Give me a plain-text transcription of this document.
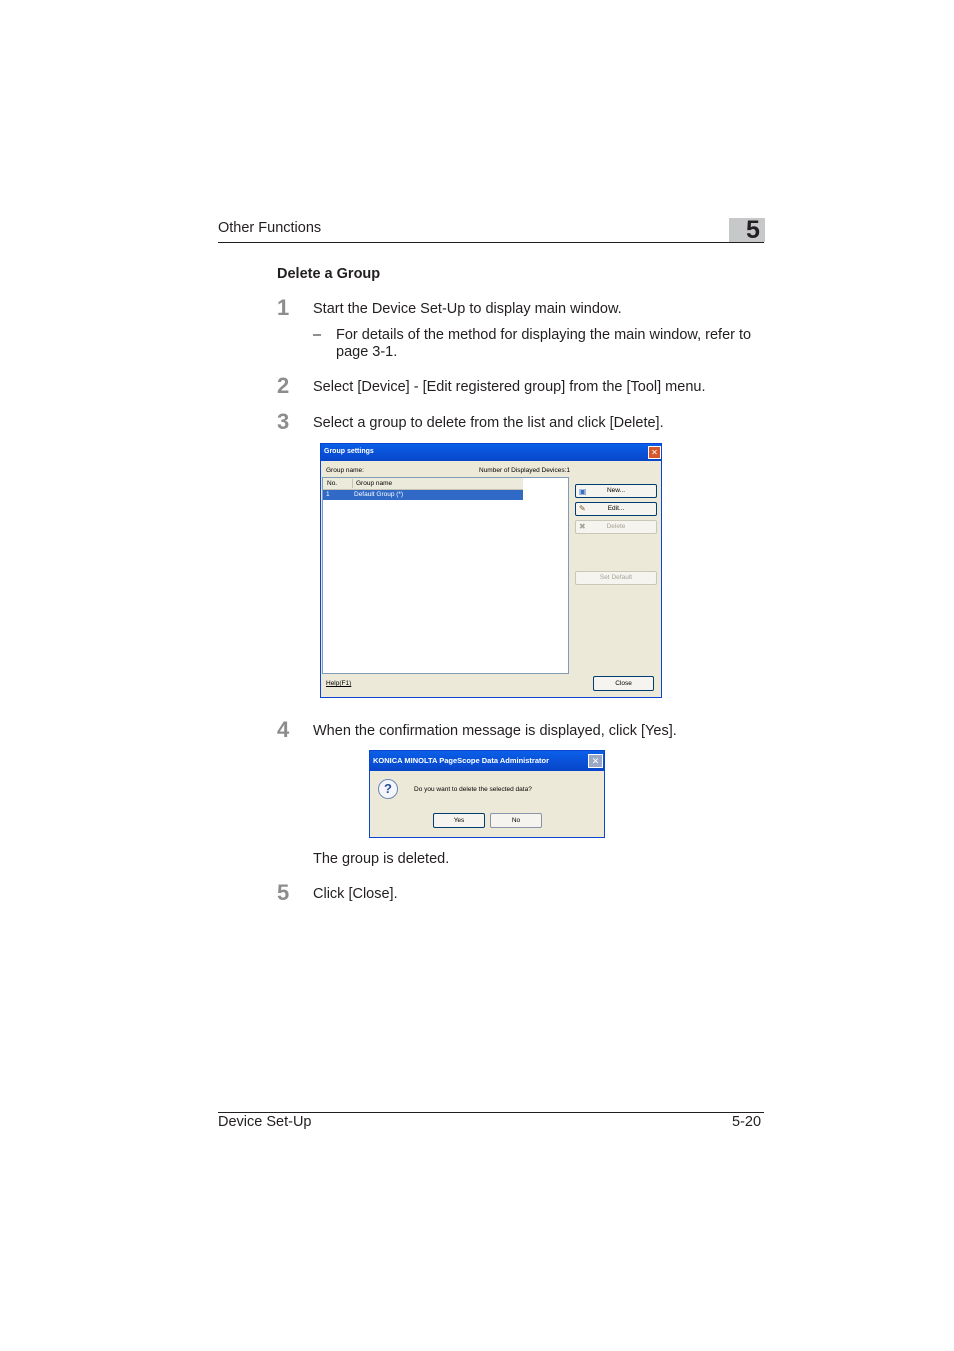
Other Functions	5
Delete a Group
1 Start the Device Set-Up to display main window.
– For details of the method for displaying the main window, refer to page 3-1.
2 Select [Device] - [Edit registered group] from the [Tool] menu.
3 Select a group to delete from the list and click [Delete].
Group settings	✕
Group name:	Number of Displayed Devices:1
No.	Group name
1	Default Group (*)	▣	New...
✎	Edit...
✖	Delete
Set Default
Help(F1)	Close
4 When the confirmation message is displayed, click [Yes].
KONICA MINOLTA PageScope Data Administrator	✕
?	Do you want to delete the selected data?
Yes	No
The group is deleted.
5 Click [Close].
Device Set-Up	5-20
